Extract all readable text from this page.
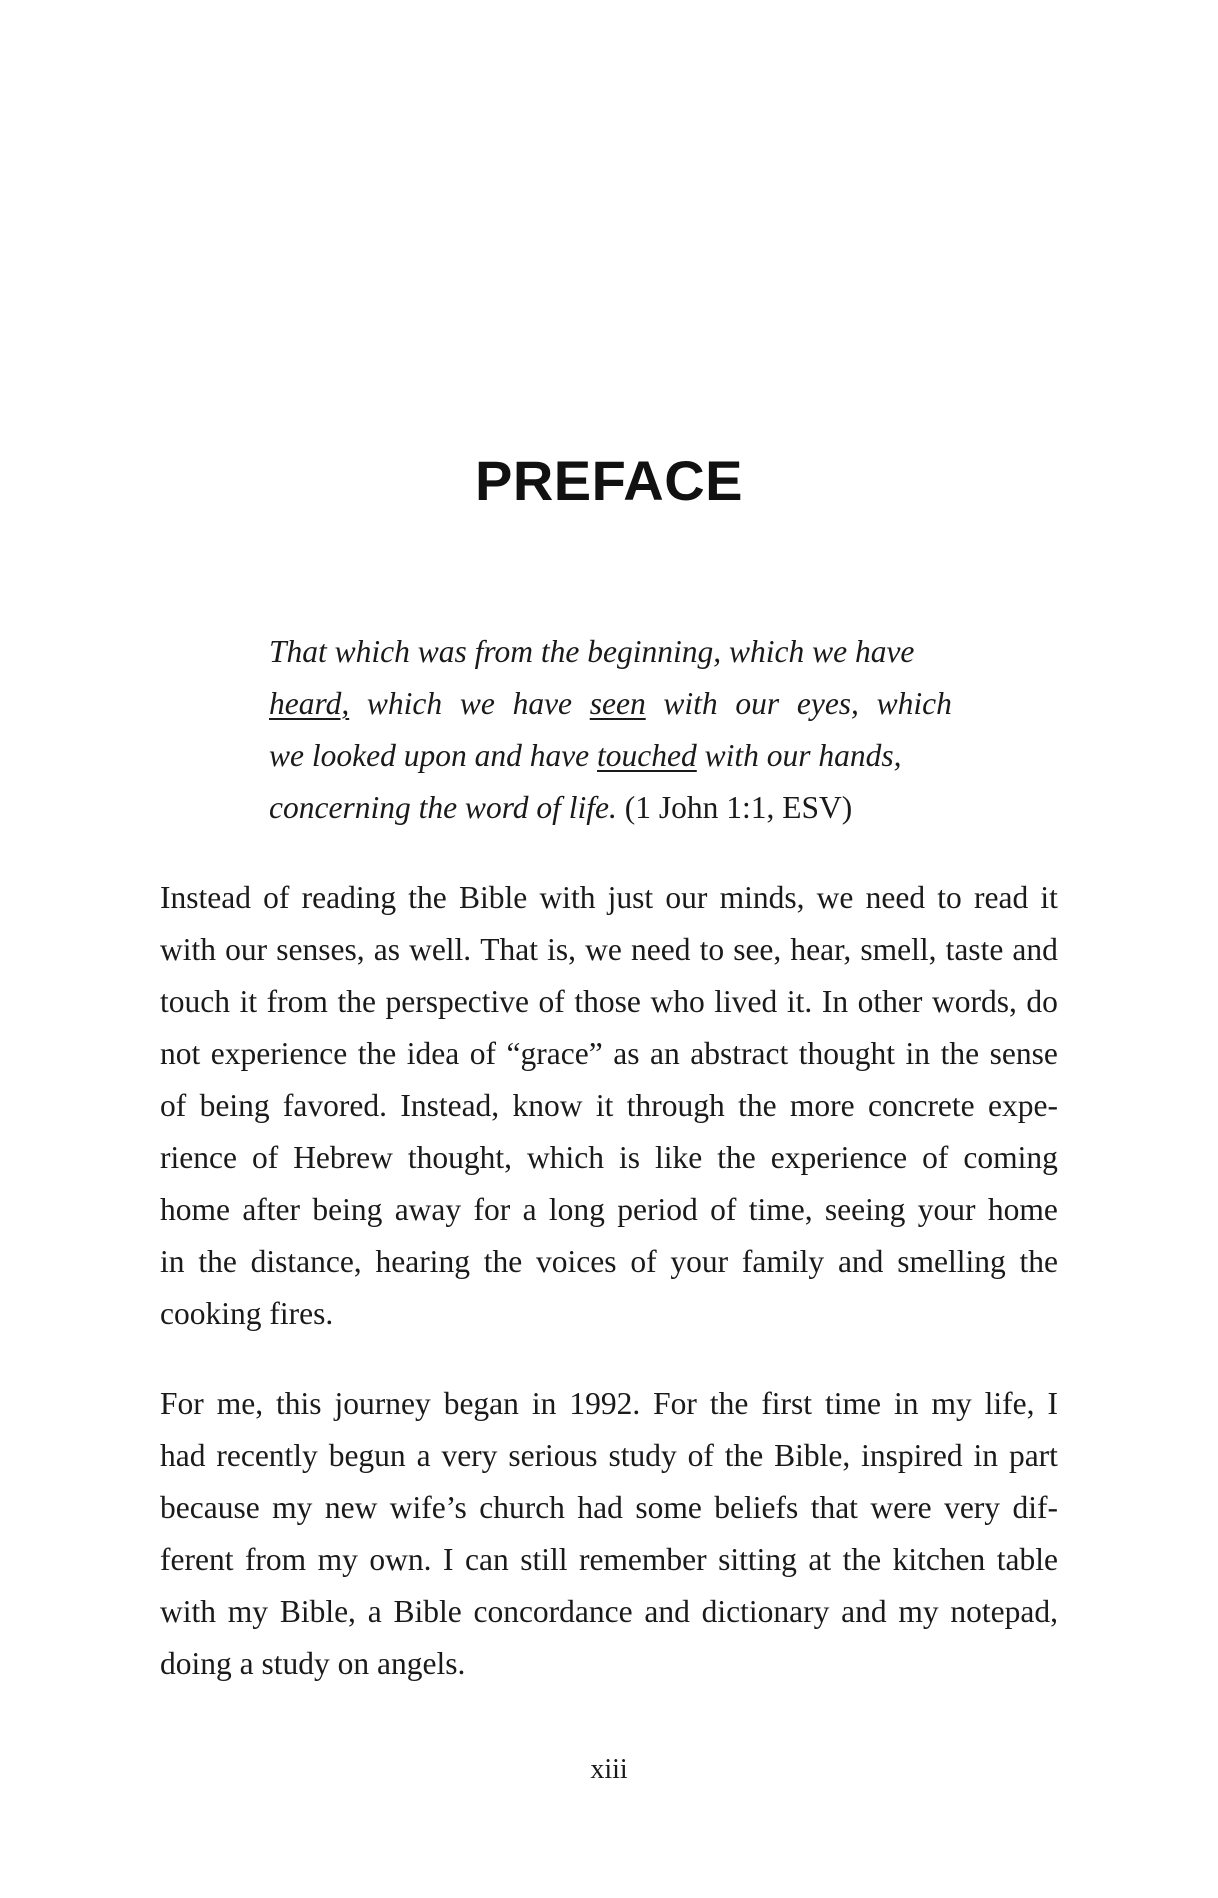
PREFACE
That which was from the beginning, which we have
heard, which we have seen with our eyes, which
we looked upon and have touched with our hands,
concerning the word of life. (1 John 1:1, ESV)
Instead of reading the Bible with just our minds, we need to read it
with our senses, as well. That is, we need to see, hear, smell, taste and
touch it from the perspective of those who lived it. In other words, do
not experience the idea of “grace” as an abstract thought in the sense
of being favored. Instead, know it through the more concrete expe-
rience of Hebrew thought, which is like the experience of coming
home after being away for a long period of time, seeing your home
in the distance, hearing the voices of your family and smelling the
cooking fires.
For me, this journey began in 1992. For the first time in my life, I
had recently begun a very serious study of the Bible, inspired in part
because my new wife’s church had some beliefs that were very dif-
ferent from my own. I can still remember sitting at the kitchen table
with my Bible, a Bible concordance and dictionary and my notepad,
doing a study on angels.
xiii
